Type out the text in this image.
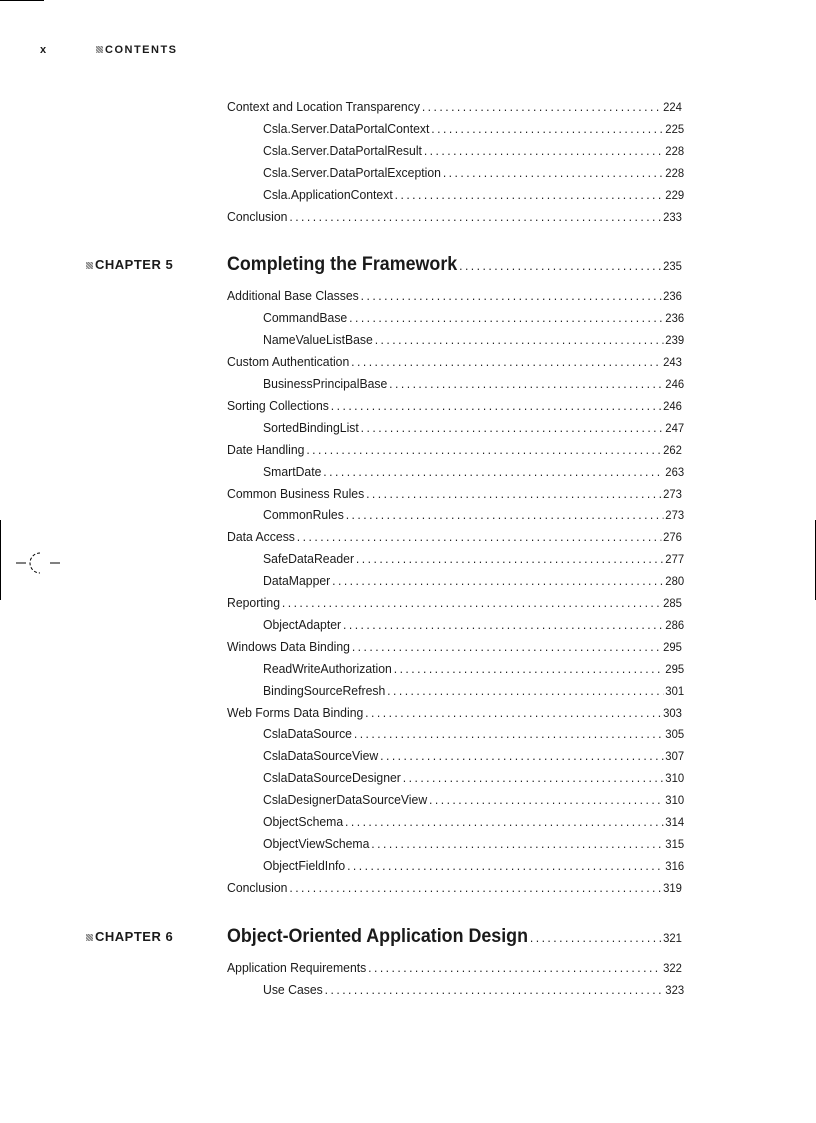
x	CONTENTS
Context and Location Transparency . . .	224
Csla.Server.DataPortalContext . . .	225
Csla.Server.DataPortalResult . . .	228
Csla.Server.DataPortalException . . .	228
Csla.ApplicationContext . . .	229
Conclusion . . .	233
CHAPTER 5	Completing the Framework . . .	235
Additional Base Classes . . .	236
CommandBase . . .	236
NameValueListBase . . .	239
Custom Authentication . . .	243
BusinessPrincipalBase . . .	246
Sorting Collections . . .	246
SortedBindingList . . .	247
Date Handling . . .	262
SmartDate . . .	263
Common Business Rules . . .	273
CommonRules . . .	273
Data Access . . .	276
SafeDataReader . . .	277
DataMapper . . .	280
Reporting . . .	285
ObjectAdapter . . .	286
Windows Data Binding . . .	295
ReadWriteAuthorization . . .	295
BindingSourceRefresh . . .	301
Web Forms Data Binding . . .	303
CslaDataSource . . .	305
CslaDataSourceView . . .	307
CslaDataSourceDesigner . . .	310
CslaDesignerDataSourceView . . .	310
ObjectSchema . . .	314
ObjectViewSchema . . .	315
ObjectFieldInfo . . .	316
Conclusion . . .	319
CHAPTER 6	Object-Oriented Application Design . . .	321
Application Requirements . . .	322
Use Cases . . .	323
